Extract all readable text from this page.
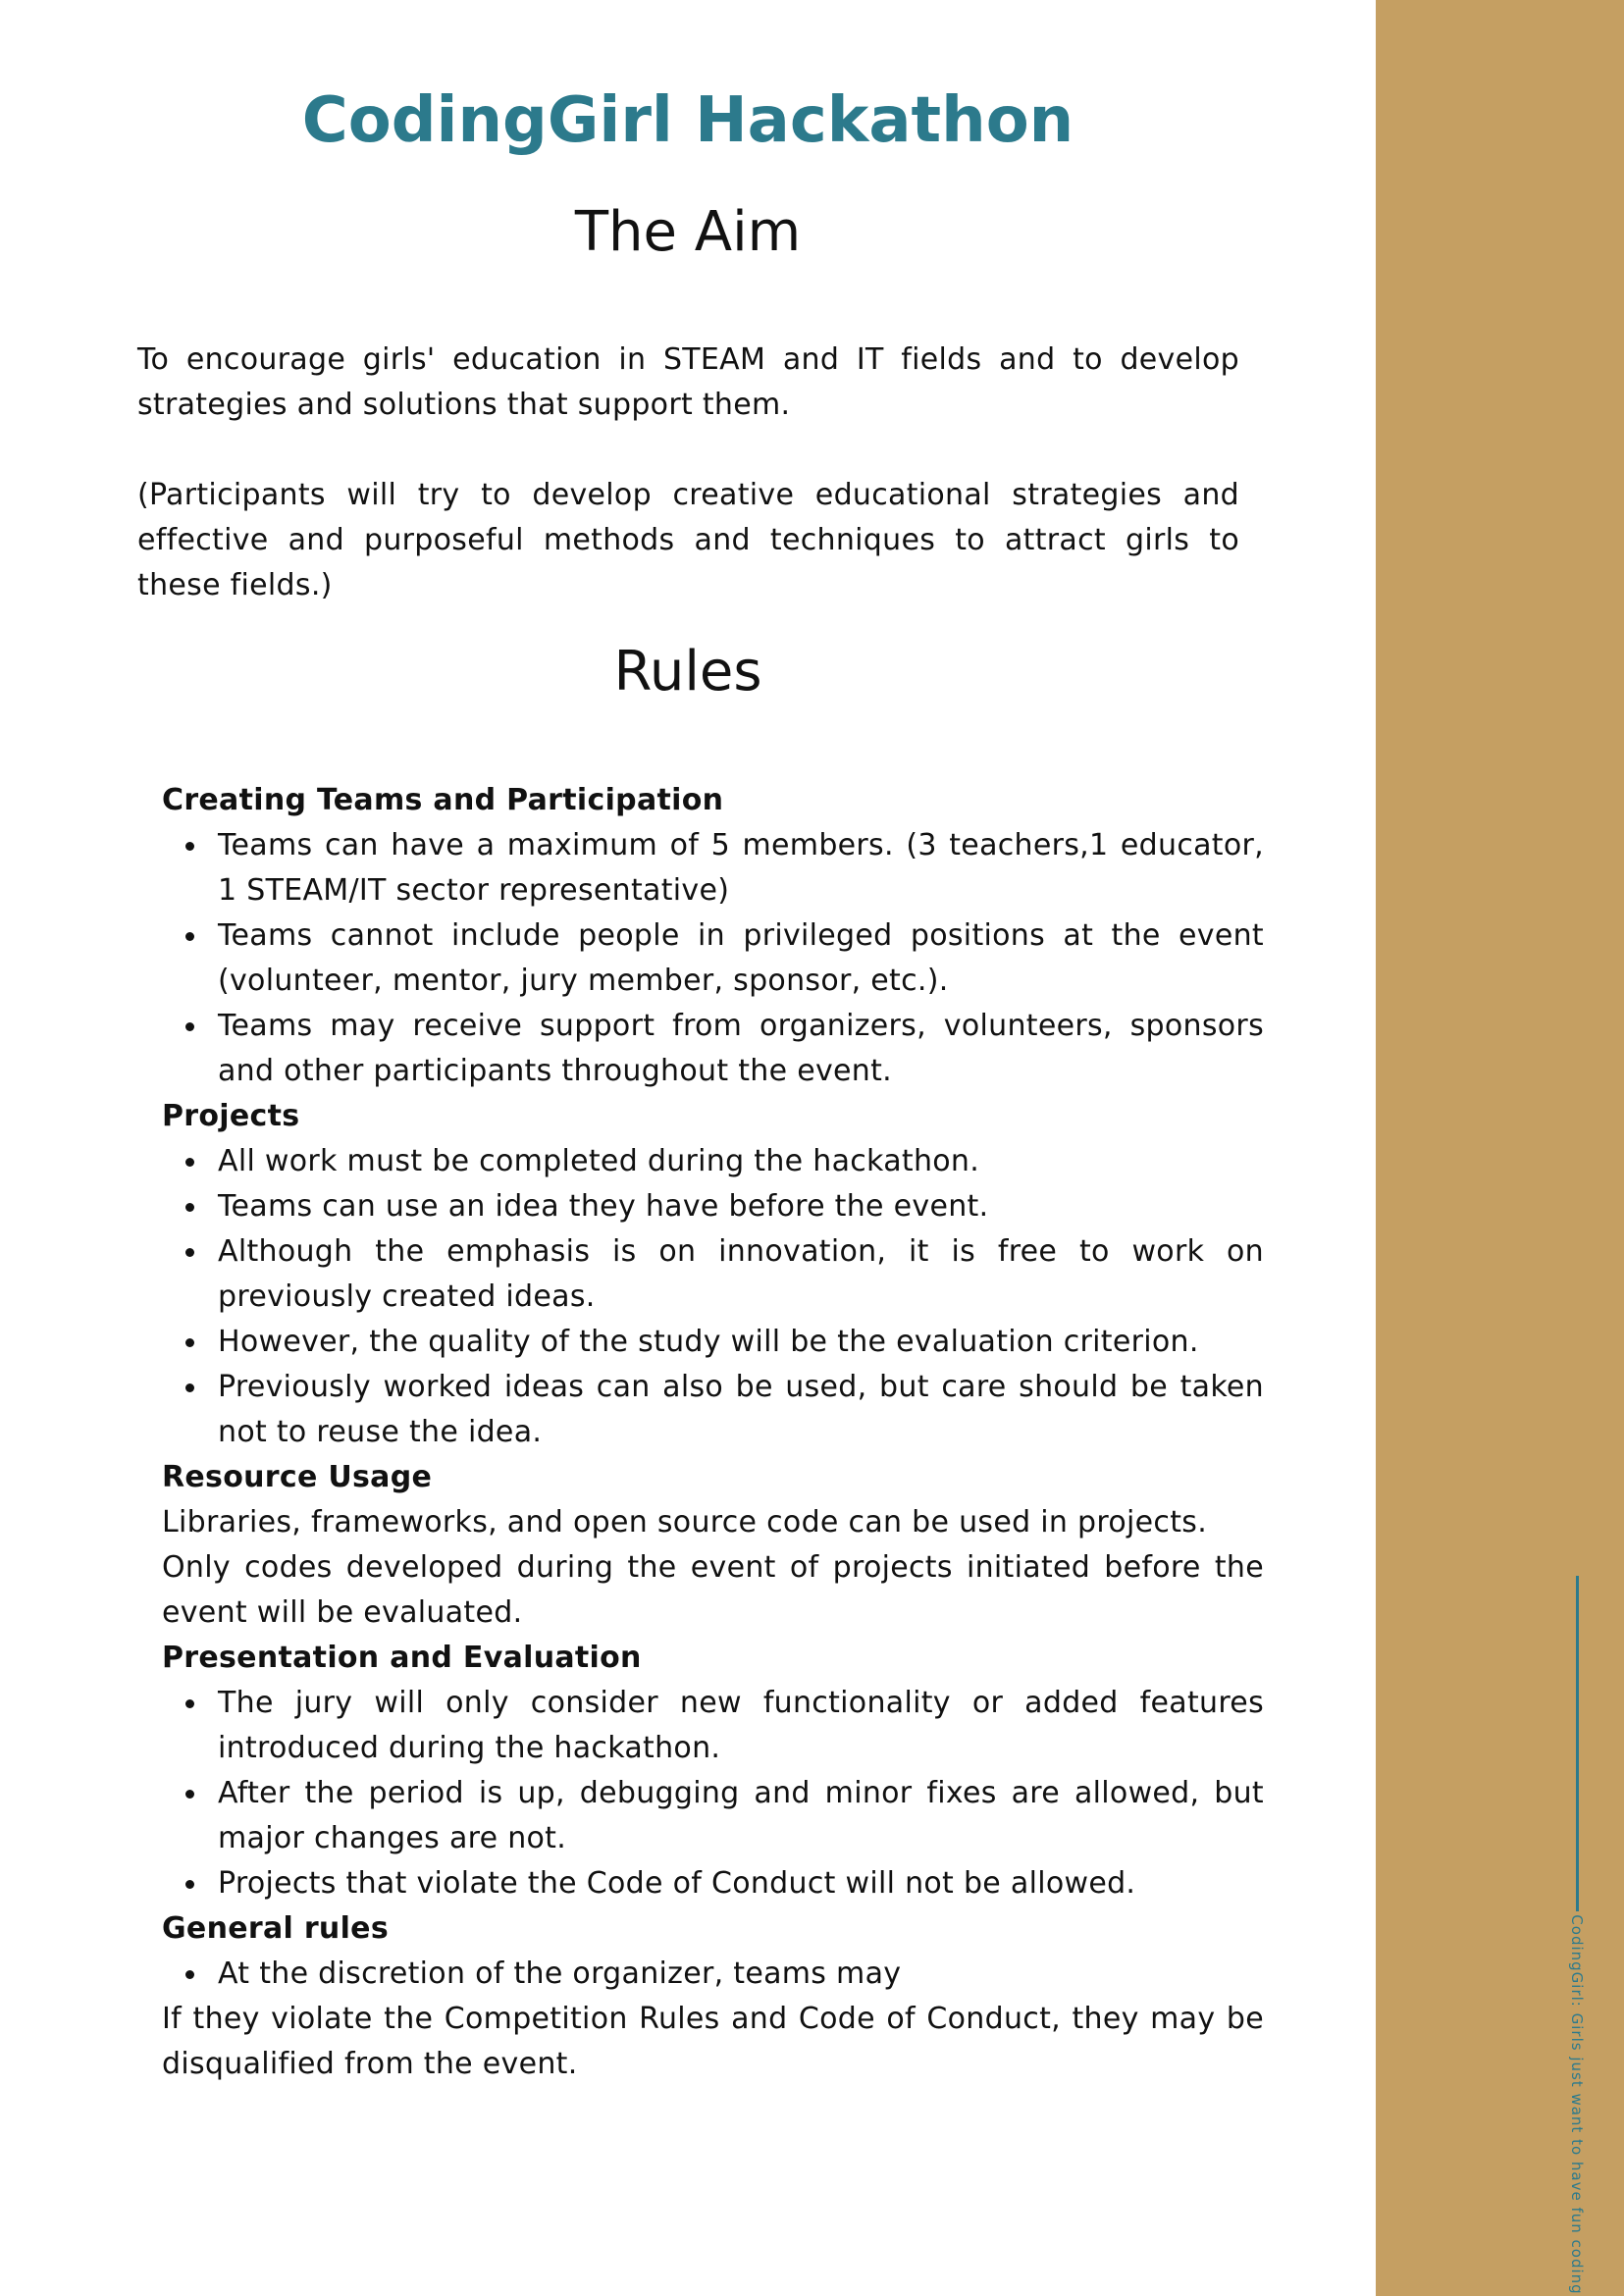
CodingGirl: Girls just want to have fun coding
CodingGirl Hackathon
The Aim

To encourage girls' education in STEAM and IT fields and to develop strategies and solutions that support them.

(Participants will try to develop creative educational strategies and effective and purposeful methods and techniques to attract girls to these fields.)

Rules
Creating Teams and Participation
Teams can have a maximum of 5 members. (3 teachers,1 educator, 1 STEAM/IT sector representative)
Teams cannot include people in privileged positions at the event (volunteer, mentor, jury member, sponsor, etc.).
Teams may receive support from organizers, volunteers, sponsors and other participants throughout the event.
Projects
All work must be completed during the hackathon.
Teams can use an idea they have before the event.
Although the emphasis is on innovation, it is free to work on previously created ideas.
However, the quality of the study will be the evaluation criterion.
Previously worked ideas can also be used, but care should be taken not to reuse the idea.
Resource Usage

Libraries, frameworks, and open source code can be used in projects.

Only codes developed during the event of projects initiated before the event will be evaluated.

Presentation and Evaluation
The jury will only consider new functionality or added features introduced during the hackathon.
After the period is up, debugging and minor fixes are allowed, but major changes are not.
Projects that violate the Code of Conduct will not be allowed.
General rules
At the discretion of the organizer, teams may

If they violate the Competition Rules and Code of Conduct, they may be disqualified from the event.
